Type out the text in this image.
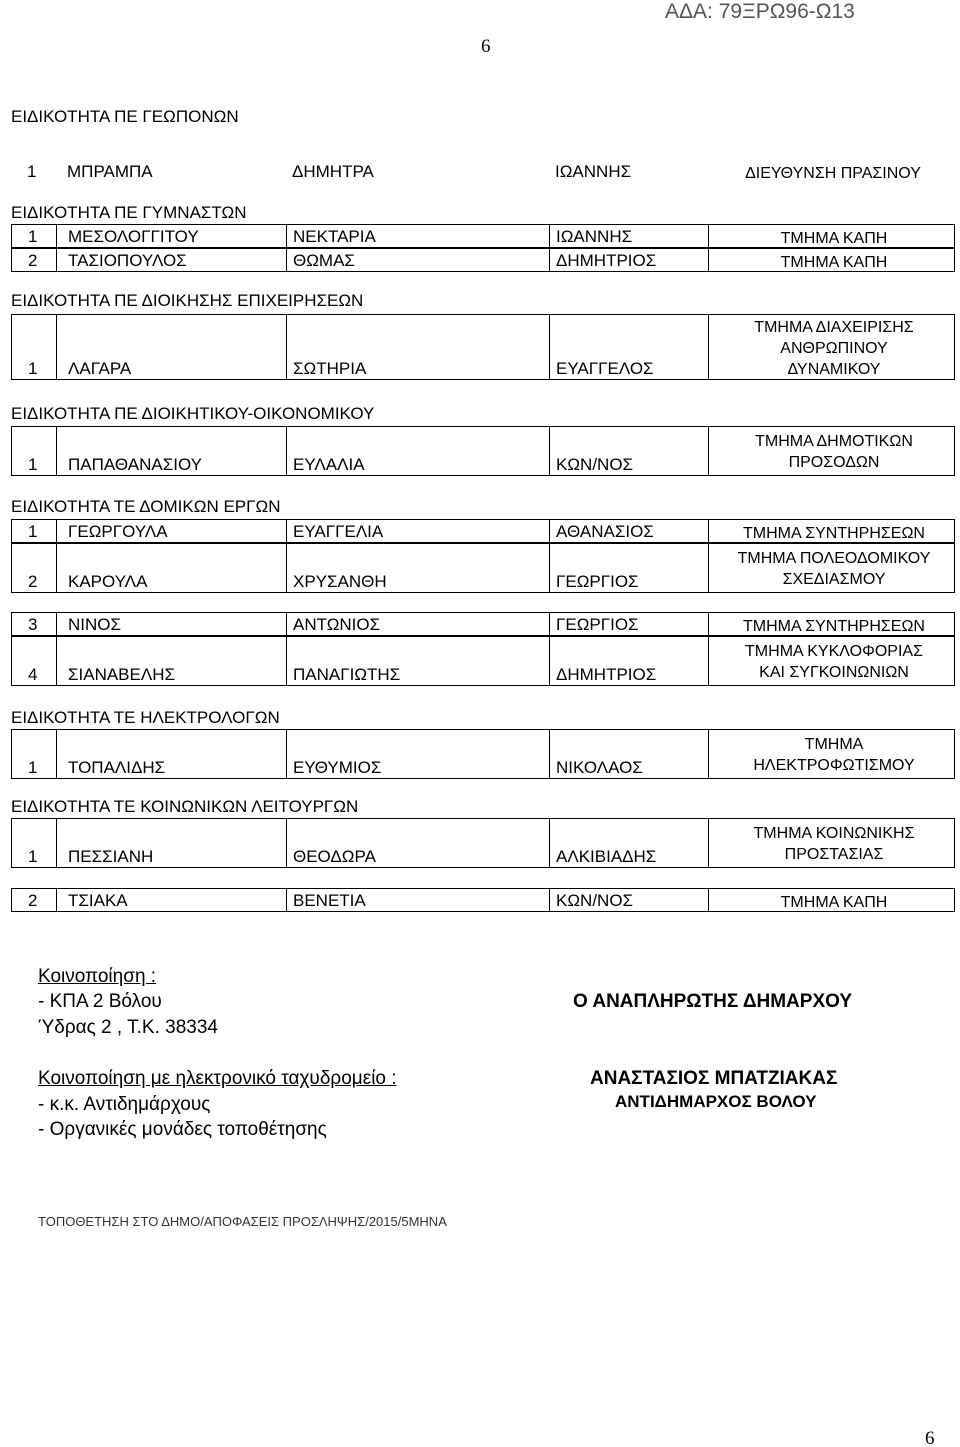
ΑΔΑ: 79ΞΡΩ96-Ω13
6
ΕΙΔΙΚΟΤΗΤΑ ΠΕ ΓΕΩΠΟΝΩΝ
1 ΜΠΡΑΜΠΑ	ΔΗΜΗΤΡΑ	ΙΩΑΝΝΗΣ	ΔΙΕΥΘΥΝΣΗ ΠΡΑΣΙΝΟΥ
ΕΙΔΙΚΟΤΗΤΑ ΠΕ ΓΥΜΝΑΣΤΩΝ
1 ΜΕΣΟΛΟΓΓΙΤΟΥ	ΝΕΚΤΑΡΙΑ	ΙΩΑΝΝΗΣ	ΤΜΗΜΑ ΚΑΠΗ
2 ΤΑΣΙΟΠΟΥΛΟΣ	ΘΩΜΑΣ	ΔΗΜΗΤΡΙΟΣ	ΤΜΗΜΑ ΚΑΠΗ
ΕΙΔΙΚΟΤΗΤΑ ΠΕ ΔΙΟΙΚΗΣΗΣ ΕΠΙΧΕΙΡΗΣΕΩΝ
1 ΛΑΓΑΡΑ	ΣΩΤΗΡΙΑ	ΕΥΑΓΓΕΛΟΣ
ΤΜΗΜΑ ΔΙΑΧΕΙΡΙΣΗΣ
ΑΝΘΡΩΠΙΝΟΥ
ΔΥΝΑΜΙΚΟΥ
ΕΙΔΙΚΟΤΗΤΑ ΠΕ ΔΙΟΙΚΗΤΙΚΟΥ-ΟΙΚΟΝΟΜΙΚΟΥ
1 ΠΑΠΑΘΑΝΑΣΙΟΥ	ΕΥΛΑΛΙΑ	ΚΩΝ/ΝΟΣ
ΤΜΗΜΑ ΔΗΜΟΤΙΚΩΝ
ΠΡΟΣΟΔΩΝ
ΕΙΔΙΚΟΤΗΤΑ ΤΕ ΔΟΜΙΚΩΝ ΕΡΓΩΝ
1 ΓΕΩΡΓΟΥΛΑ	ΕΥΑΓΓΕΛΙΑ	ΑΘΑΝΑΣΙΟΣ	ΤΜΗΜΑ ΣΥΝΤΗΡΗΣΕΩΝ
2 ΚΑΡΟΥΛΑ	ΧΡΥΣΑΝΘΗ	ΓΕΩΡΓΙΟΣ
ΤΜΗΜΑ ΠΟΛΕΟΔΟΜΙΚΟΥ
ΣΧΕΔΙΑΣΜΟΥ
3 ΝΙΝΟΣ	ΑΝΤΩΝΙΟΣ	ΓΕΩΡΓΙΟΣ	ΤΜΗΜΑ ΣΥΝΤΗΡΗΣΕΩΝ
4 ΣΙΑΝΑΒΕΛΗΣ	ΠΑΝΑΓΙΩΤΗΣ	ΔΗΜΗΤΡΙΟΣ
ΤΜΗΜΑ ΚΥΚΛΟΦΟΡΙΑΣ
ΚΑΙ ΣΥΓΚΟΙΝΩΝΙΩΝ
ΕΙΔΙΚΟΤΗΤΑ ΤΕ ΗΛΕΚΤΡΟΛΟΓΩΝ
1 ΤΟΠΑΛΙΔΗΣ	ΕΥΘΥΜΙΟΣ	ΝΙΚΟΛΑΟΣ
ΤΜΗΜΑ
ΗΛΕΚΤΡΟΦΩΤΙΣΜΟΥ
ΕΙΔΙΚΟΤΗΤΑ ΤΕ ΚΟΙΝΩΝΙΚΩΝ ΛΕΙΤΟΥΡΓΩΝ
1 ΠΕΣΣΙΑΝΗ	ΘΕΟΔΩΡΑ	ΑΛΚΙΒΙΑΔΗΣ
ΤΜΗΜΑ ΚΟΙΝΩΝΙΚΗΣ
ΠΡΟΣΤΑΣΙΑΣ
2 ΤΣΙΑΚΑ	ΒΕΝΕΤΙΑ	ΚΩΝ/ΝΟΣ	ΤΜΗΜΑ ΚΑΠΗ
Κοινοποίηση :
- ΚΠΑ 2 Βόλου
Ύδρας 2 , Τ.Κ. 38334
Κοινοποίηση με ηλεκτρονικό ταχυδρομείο :
- κ.κ. Αντιδημάρχους
- Οργανικές μονάδες τοποθέτησης
Ο ΑΝΑΠΛΗΡΩΤΗΣ ΔΗΜΑΡΧΟΥ
ΑΝΑΣΤΑΣΙΟΣ ΜΠΑΤΖΙΑΚΑΣ
ΑΝΤΙΔΗΜΑΡΧΟΣ ΒΟΛΟΥ
ΤΟΠΟΘΕΤΗΣΗ ΣΤΟ ΔΗΜΟ/ΑΠΟΦΑΣΕΙΣ ΠΡΟΣΛΗΨΗΣ/2015/5ΜΗΝΑ
6
